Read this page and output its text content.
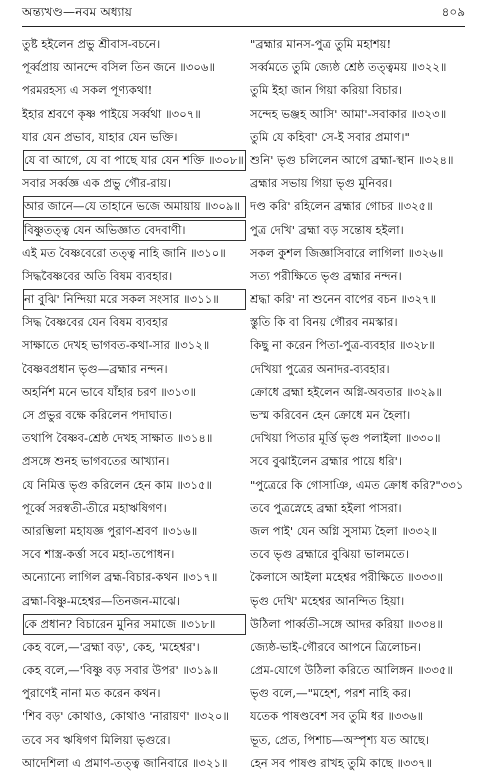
অন্ত্যখণ্ড—নবম অধ্যায়	৪০৯
তুষ্ট হইলেন প্রভু শ্রীবাস-বচনে।
পূর্ব্বপ্রায় আনন্দে বসিল তিন জনে ॥৩০৬॥
পরমরহস্য এ সকল পূণ্যকথা!
ইহার শ্রবণে কৃষ্ণ পাইয়ে সর্ব্বথা ॥৩০৭॥
যার যেন প্রভাব, যাহার যেন ভক্তি।
যে বা আগে, যে বা পাছে যার যেন শক্তি ॥৩০৮॥
সবার সর্ব্বজ্ঞ এক প্রভু গৌর-রায়।
আর জানে—যে তাহানে ভজে অমায়ায় ॥৩০৯॥
বিষ্ণুতত্ত্ব যেন অভিজ্ঞাত বেদবাণী।
এই মত বৈষ্ণবেরো তত্ত্ব নাহি জানি ॥৩১০॥
সিদ্ধবৈষ্ণবের অতি বিষম ব্যবহার।
না বুঝি' নিন্দিয়া মরে সকল সংসার ॥৩১১॥
সিদ্ধ বৈষ্ণবের যেন বিষম ব্যবহার
সাক্ষাতে দেখহ ভাগবত-কথা-সার ॥৩১২॥
বৈষ্ণবপ্রধান ভৃগু—ব্রহ্মার নন্দন।
অহর্নিশ মনে ভাবে যাঁহার চরণ ॥৩১৩॥
সে প্রভুর বক্ষে করিলেন পদাঘাত।
তথাপি বৈষ্ণব-শ্রেষ্ঠ দেখহ সাক্ষাত ॥৩১৪॥
প্রসঙ্গে শুনহ ভাগবতের আখ্যান।
যে নিমিত্ত ভৃগু করিলেন হেন কাম ॥৩১৫॥
পূর্ব্বে সরস্বতী-তীরে মহাঋষিগণ।
আরম্ভিলা মহাযজ্ঞ পুরাণ-শ্রবণ ॥৩১৬॥
সবে শাস্ত্র-কর্ত্তা সবে মহা-তপোধন।
অন্যোন্যে লাগিল ব্রহ্ম-বিচার-কথন ॥৩১৭॥
ব্রহ্মা-বিষ্ণু-মহেশ্বর—তিনজন-মাঝে।
কে প্রধান? বিচারেন মুনির সমাজে ॥৩১৮॥
কেহ বলে,—'ব্রহ্মা বড়', কেহ, 'মহেশ্বর'।
কেহ বলে,—'বিষ্ণু বড় সবার উপর' ॥৩১৯॥
পুরাণেই নানা মত করেন কথন।
'শিব বড়' কোথাও, কোথাও 'নারায়ণ' ॥৩২০॥
তবে সব ঋষিগণ মিলিয়া ভৃগুরে।
আদেশিলা এ প্রমাণ-তত্ত্ব জানিবারে ॥৩২১॥
"ব্রহ্মার মানস-পুত্র তুমি মহাশয়!
সর্ব্বমতে তুমি জ্যেষ্ঠ শ্রেষ্ঠ তত্ত্বময় ॥৩২২॥
তুমি ইহা জান গিয়া করিয়া বিচার।
সন্দেহ ভঞ্জহ আসি' আমা'-সবাকার ॥৩২৩॥
তুমি যে কহিবা' সে-ই সবার প্রমাণ।"
শুনি' ভৃগু চলিলেন আগে ব্রহ্মা-স্থান ॥৩২৪॥
ব্রহ্মার সভায় গিয়া ভৃগু মুনিবর।
দণ্ড করি' রহিলেন ব্রহ্মার গোচর ॥৩২৫॥
পুত্র দেখি' ব্রহ্মা বড় সন্তোষ হইলা।
সকল কুশল জিজ্ঞাসিবারে লাগিলা ॥৩২৬॥
সত্য পরীক্ষিতে ভৃগু ব্রহ্মার নন্দন।
শ্রদ্ধা করি' না শুনেন বাপের বচন ॥৩২৭॥
স্তুতি কি বা বিনয় গৌরব নমস্কার।
কিছু না করেন পিতা-পুত্র-ব্যবহার ॥৩২৮॥
দেখিয়া পুত্রের অনাদর-ব্যবহার।
ক্রোধে ব্রহ্মা হইলেন অগ্নি-অবতার ॥৩২৯॥
ভস্ম করিবেন হেন ক্রোধে মন হৈলা।
দেখিয়া পিতার মূর্ত্তি ভৃগু পলাইলা ॥৩৩০॥
সবে বুঝাইলেন ব্রহ্মার পায়ে ধরি'।
"পুত্রেরে কি গোসাঞি, এমত ক্রোধ করি?"৩৩১
তবে পুত্রস্নেহে ব্রহ্মা হইলা পাসরা।
জল পাই' যেন অগ্নি সুসাম্য হৈলা ॥৩৩২॥
তবে ভৃগু ব্রহ্মারে বুঝিয়া ভালমতে।
কৈলাসে আইলা মহেশ্বর পরীক্ষিতে ॥৩৩৩॥
ভৃগু দেখি' মহেশ্বর আনন্দিত হিয়া।
উঠিলা পার্ব্বতী-সঙ্গে আদর করিয়া ॥৩৩৪॥
জ্যেষ্ঠ-ভাই-গৌরবে আপনে ত্রিলোচন।
প্রেম-যোগে উঠিলা করিতে আলিঙ্গন ॥৩৩৫॥
ভৃগু বলে,—"মহেশ, পরশ নাহি কর।
যতেক পাষণ্ডবেশ সব তুমি ধর ॥৩৩৬॥
ভূত, প্রেত, পিশাচ—অস্পৃশ্য যত আছে।
হেন সব পাষণ্ড রাখহ তুমি কাছে ॥৩৩৭॥
